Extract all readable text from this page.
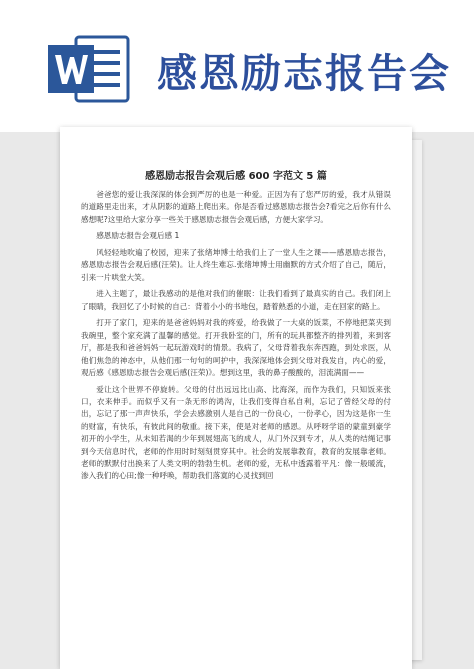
感恩励志报告会
感恩励志报告会观后感 600 字范文 5 篇

爸爸您的爱让我深深的体会到严厉的也是一种爱。正因为有了您严厉的爱，我才从错误的道路里走出来，才从阴影的道路上爬出来。你是否看过感恩励志报告会?看完之后你有什么感想呢?这里给大家分享一些关于感恩励志报告会观后感，方便大家学习。

感恩励志报告会观后感 1

风轻轻地吹遍了校园，迎来了张绪坤博士给我们上了一堂人生之课——感恩励志报告，感恩励志报告会观后感(汪荣)。让人终生难忘.张绪坤博士用幽默的方式介绍了自己，随后，引来一片哄堂大笑。

进入主题了，最让我感动的是他对我们的催眠：让我们看到了最真实的自己。我们闭上了眼睛，我回忆了小时候的自己：背着小小的书地包，踏着熟悉的小道，走在回家的路上。

打开了家门，迎来的是爸爸妈妈对我的疼爱，给我做了一大桌的饭菜，不停地把菜夹到我碗里，整个家充满了温馨的感觉。打开我卧室的门，所有的玩具都整齐的排列着，来到客厅，都是我和爸爸妈妈一起玩游戏时的情景。我病了，父母背着我东奔西跑，到处求医，从他们焦急的神态中，从他们那一句句的呵护中，我深深地体会到父母对我发自，内心的爱，观后感《感恩励志报告会观后感(汪荣)》。想到这里，我的鼻子酸酸的，泪流满面——

爱让这个世界不停旋转。父母的付出远远比山高、比海深，而作为我们，只知饭来张口，衣来伸手。而似乎又有一条无形的鸿沟，让我们变得自私自利，忘记了曾经父母的付出，忘记了那一声声快乐，学会去感激别人是自己的一份良心，一份孝心，因为这是你一生的财富，有快乐，有彼此间的敬重。接下来，使是对老师的感恩。从呼呀学语的蒙童到豪学初开的小学生，从未知若渴的少年到展翅高飞的成人，从门外汉到专才，从人类的结绳记事到今天信息时代，老师的作用时时刻刻贯穿其中。社会的发展靠教育，教育的发展靠老师。老师的默默付出换来了人类文明的勃勃生机。老师的爱，无私中透露着平凡：像一般暖流，渗入我们的心田;像一种呼唤，帮助我们落寞的心灵找到回
